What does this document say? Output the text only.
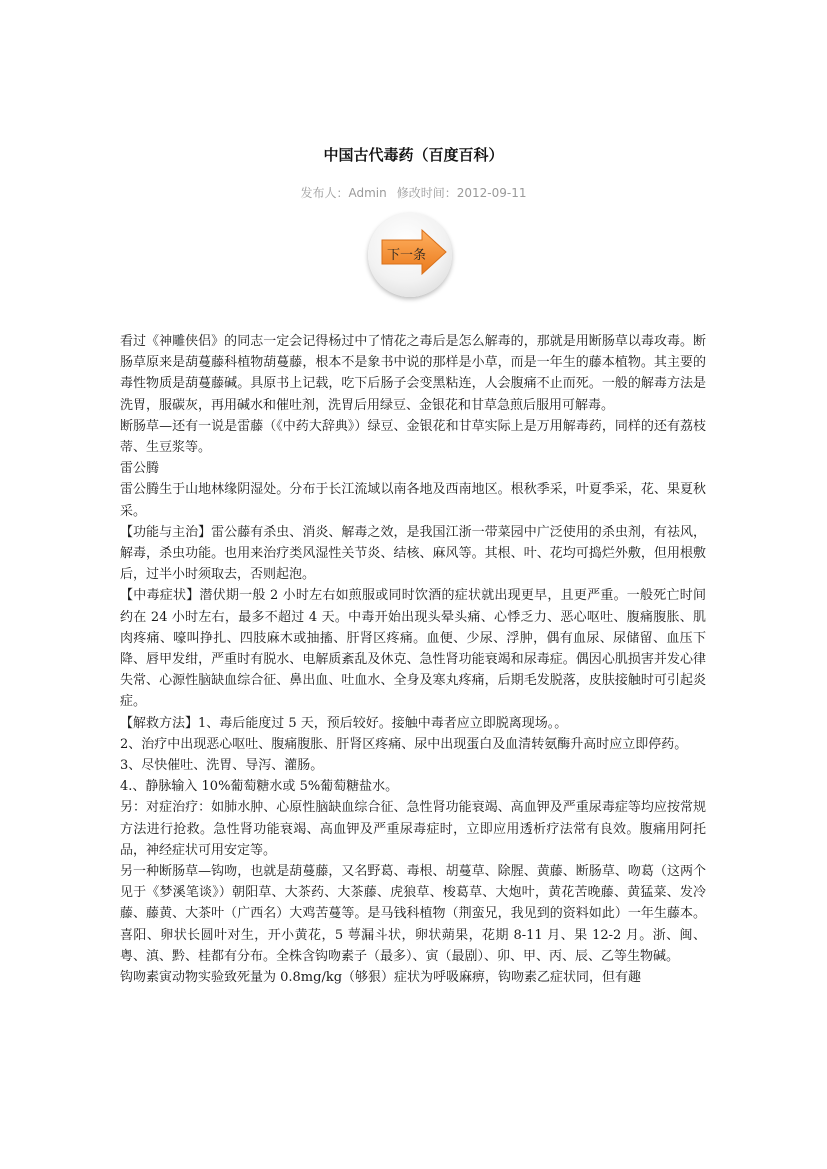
中国古代毒药（百度百科）
发布人：Admin 修改时间：2012-09-11
下一条

看过《神雕侠侣》的同志一定会记得杨过中了情花之毒后是怎么解毒的，那就是用断肠草以毒攻毒。断肠草原来是葫蔓藤科植物葫蔓藤，根本不是象书中说的那样是小草，而是一年生的藤本植物。其主要的毒性物质是葫蔓藤碱。具原书上记载，吃下后肠子会变黑粘连，人会腹痛不止而死。一般的解毒方法是洗胃，服碳灰，再用碱水和催吐剂，洗胃后用绿豆、金银花和甘草急煎后服用可解毒。

断肠草—还有一说是雷藤（《中药大辞典》）绿豆、金银花和甘草实际上是万用解毒药，同样的还有荔枝蒂、生豆浆等。

雷公腾

雷公腾生于山地林缘阴湿处。分布于长江流域以南各地及西南地区。根秋季采，叶夏季采，花、果夏秋采。

【功能与主治】雷公藤有杀虫、消炎、解毒之效，是我国江浙一带菜园中广泛使用的杀虫剂，有祛风，解毒，杀虫功能。也用来治疗类风湿性关节炎、结核、麻风等。其根、叶、花均可捣烂外敷，但用根敷后，过半小时须取去，否则起泡。

【中毒症状】潜伏期一般 2 小时左右如煎服或同时饮酒的症状就出现更早，且更严重。一般死亡时间约在 24 小时左右，最多不超过 4 天。中毒开始出现头晕头痛、心悸乏力、恶心呕吐、腹痛腹胀、肌肉疼痛、嚎叫挣扎、四肢麻木或抽搐、肝肾区疼痛。血便、少尿、浮肿，偶有血尿、尿储留、血压下降、唇甲发绀，严重时有脱水、电解质紊乱及休克、急性肾功能衰竭和尿毒症。偶因心肌损害并发心律失常、心源性脑缺血综合征、鼻出血、吐血水、全身及寒丸疼痛，后期毛发脱落，皮肤接触时可引起炎症。

【解救方法】1、毒后能度过 5 天，预后较好。接触中毒者应立即脱离现场。。

2、治疗中出现恶心呕吐、腹痛腹胀、肝肾区疼痛、尿中出现蛋白及血清转氨酶升高时应立即停药。

3、尽快催吐、洗胃、导泻、灌肠。

4.、静脉输入 10%葡萄糖水或 5%葡萄糖盐水。

另：对症治疗：如肺水肿、心原性脑缺血综合征、急性肾功能衰竭、高血钾及严重尿毒症等均应按常规方法进行抢救。急性肾功能衰竭、高血钾及严重尿毒症时，立即应用透析疗法常有良效。腹痛用阿托品，神经症状可用安定等。

另一种断肠草—钩吻，也就是葫蔓藤，又名野葛、毒根、胡蔓草、除腥、黄藤、断肠草、吻葛（这两个见于《梦溪笔谈》）朝阳草、大茶药、大茶藤、虎狼草、梭葛草、大炮叶，黄花苦晚藤、黄猛菜、发冷藤、藤黄、大茶叶（广西名）大鸡苦蔓等。是马钱科植物（荆蛮兄，我见到的资料如此）一年生藤本。喜阳、卵状长圆叶对生，开小黄花，5 萼漏斗状，卵状蒴果，花期 8-11 月、果 12-2 月。浙、闽、粤、滇、黔、桂都有分布。全株含钩吻素子（最多）、寅（最剧）、卯、甲、丙、辰、乙等生物碱。

钩吻素寅动物实验致死量为 0.8mg/kg（够狠）症状为呼吸麻痹，钩吻素乙症状同，但有趣
